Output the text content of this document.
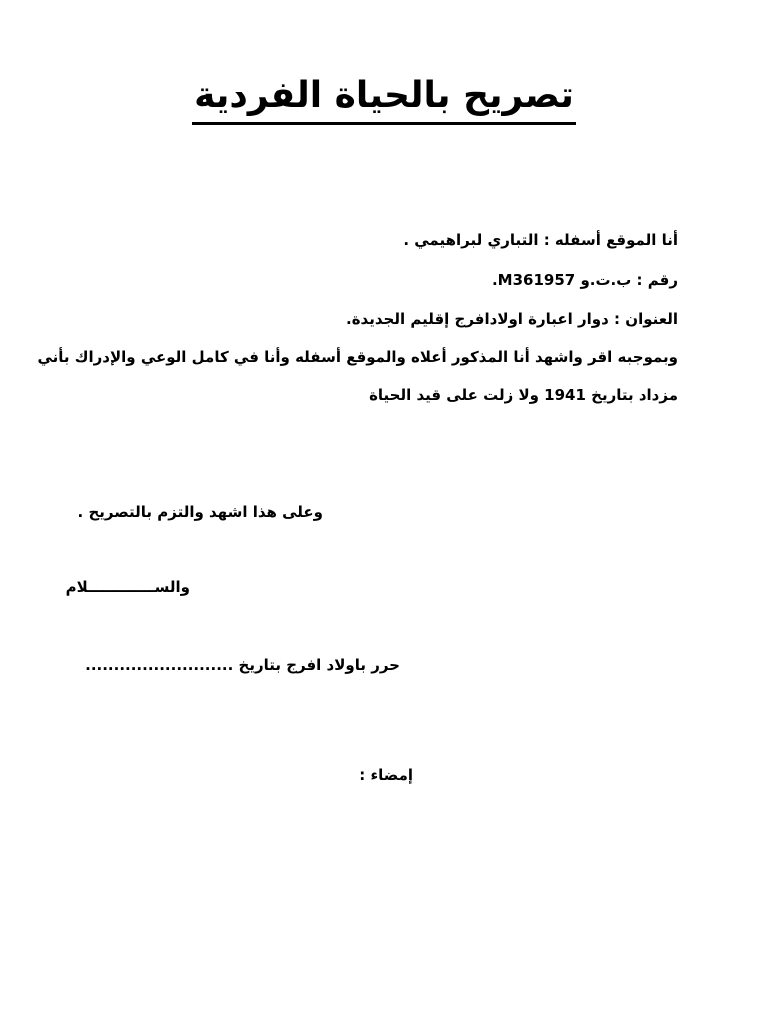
تصريح بالحياة الفردية
أنا الموقع أسفله : التباري لبراهيمي .
رقم : ب.ت.و M361957.
العنوان : دوار اعبارة اولادافرج إقليم الجديدة.
وبموجبه اقر واشهد أنا المذكور أعلاه والموقع أسفله وأنا في كامل الوعي والإدراك بأني
مزداد بتاريخ 1941 ولا زلت على قيد الحياة
وعلى هذا اشهد والتزم بالتصريح .
والســـــــــــــلام
حرر باولاد افرج بتاريخ ..........................
إمضاء :
